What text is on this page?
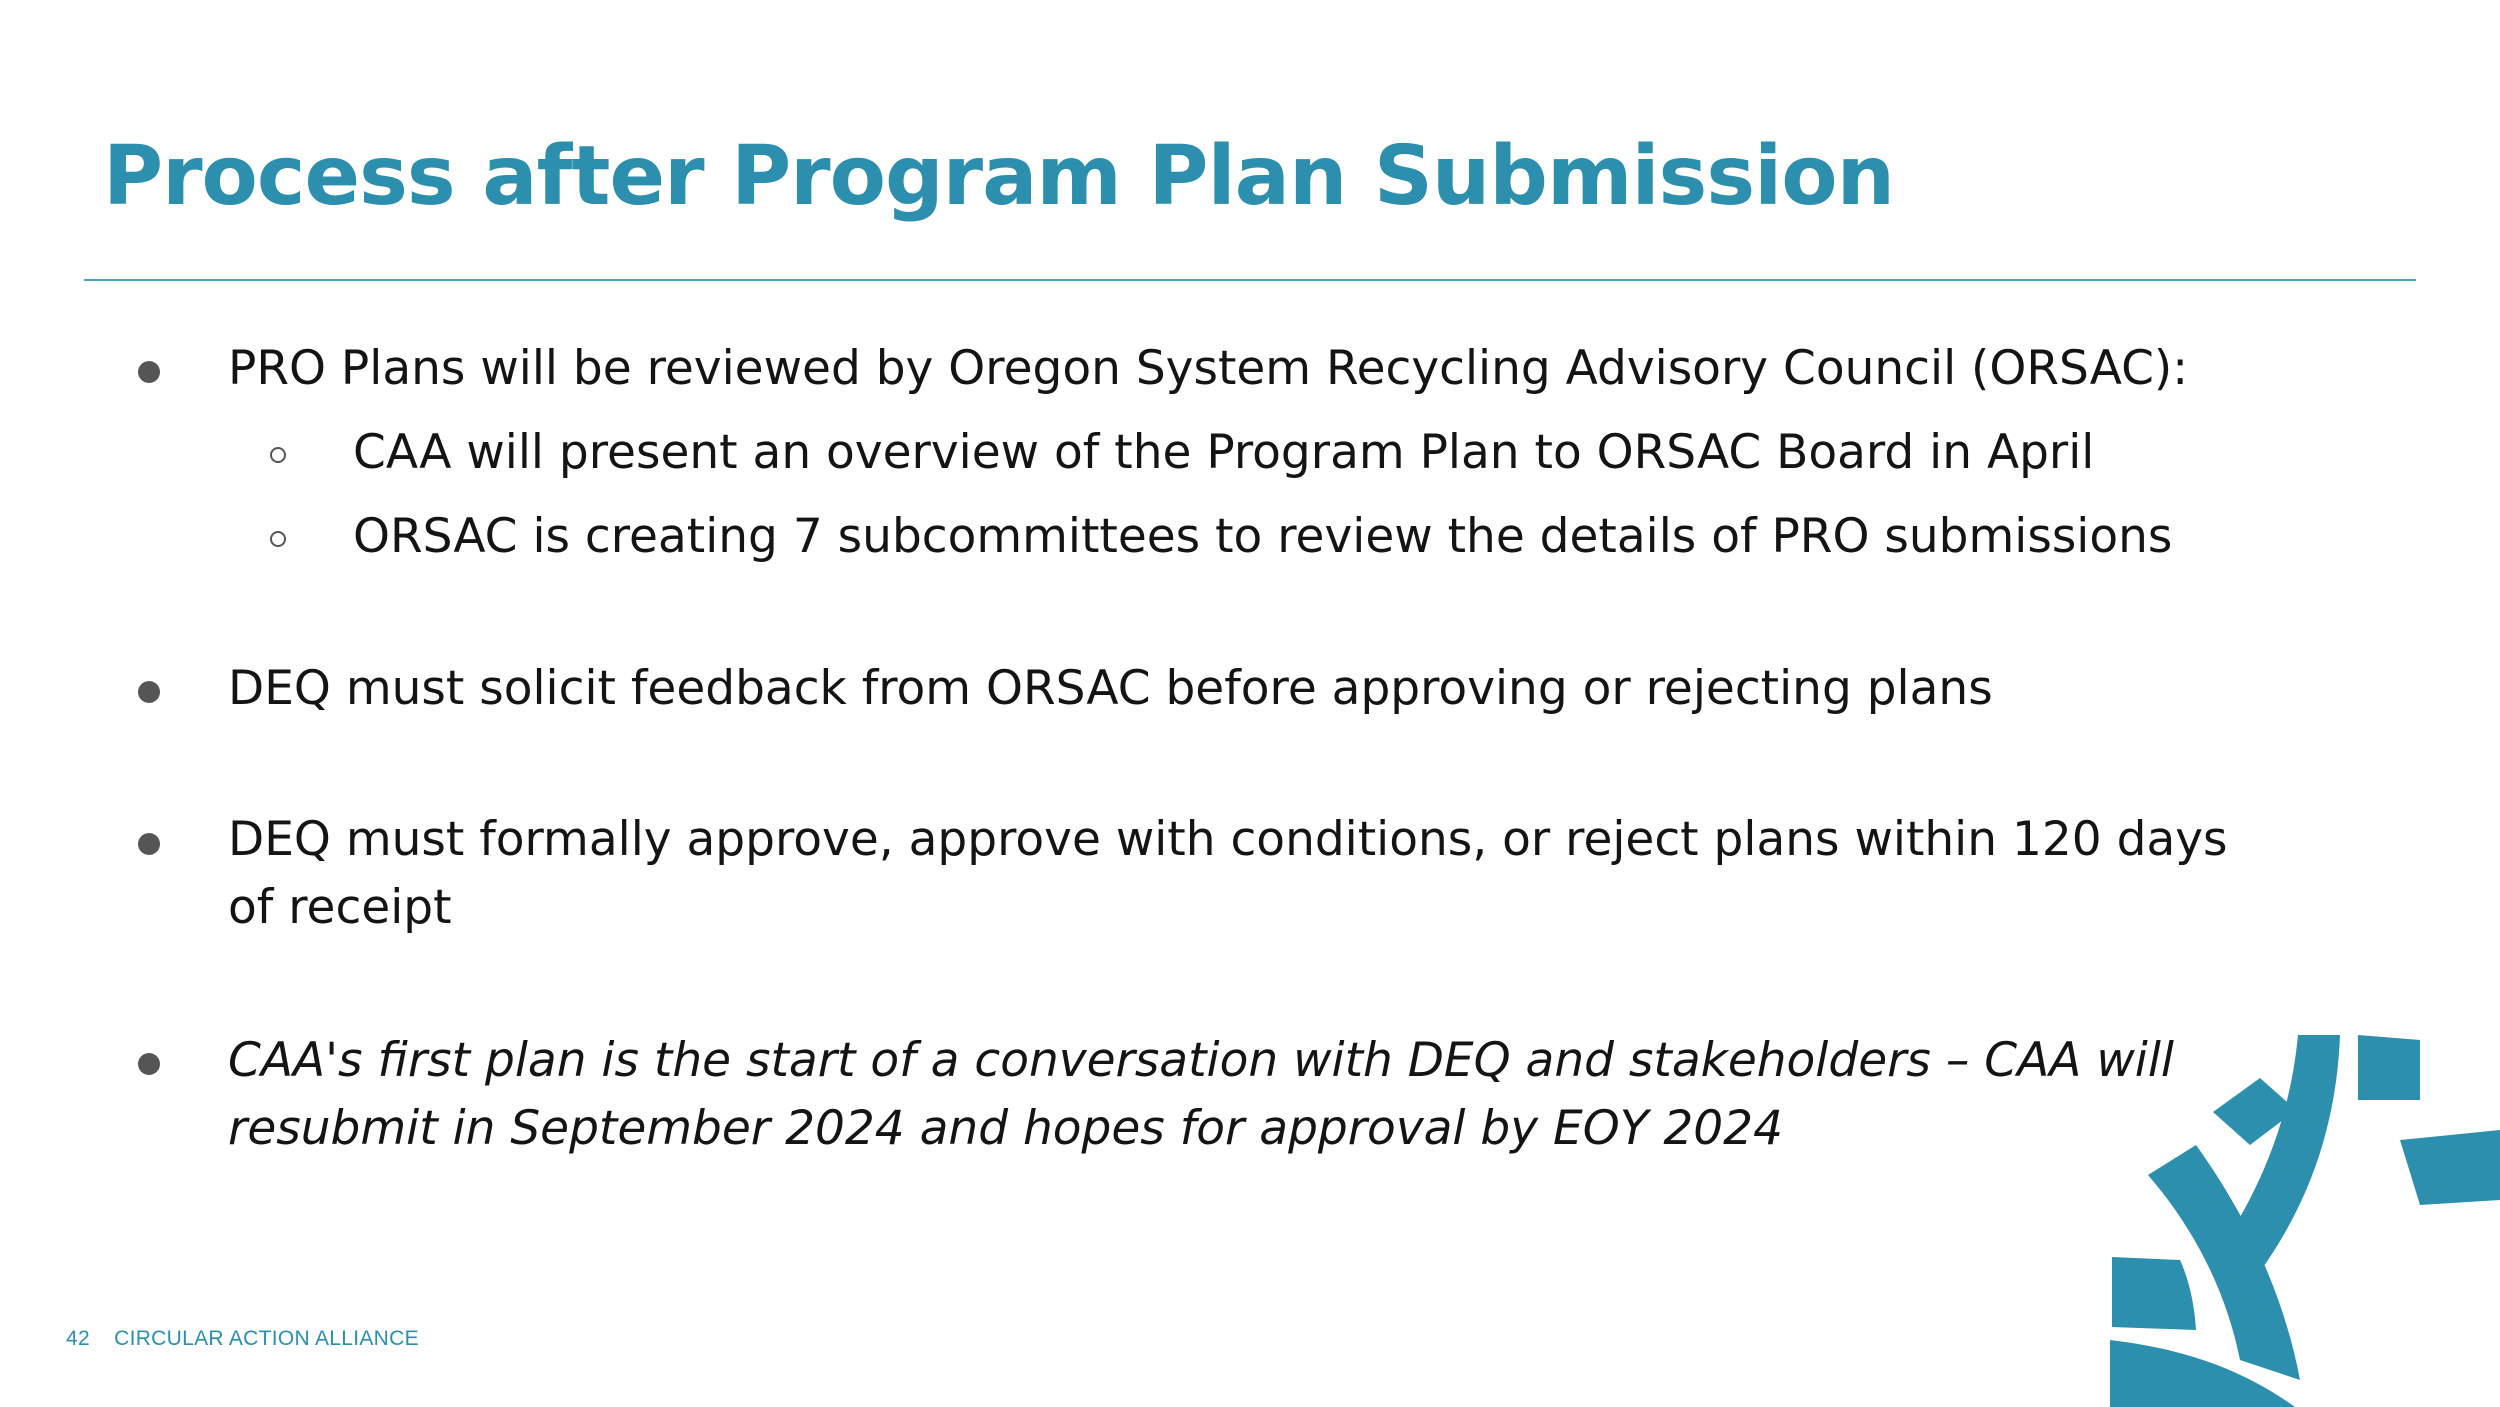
Process after Program Plan Submission
PRO Plans will be reviewed by Oregon System Recycling Advisory Council (ORSAC):
CAA will present an overview of the Program Plan to ORSAC Board in April
ORSAC is creating 7 subcommittees to review the details of PRO submissions
DEQ must solicit feedback from ORSAC before approving or rejecting plans
DEQ must formally approve, approve with conditions, or reject plans within 120 days of receipt
CAA's first plan is the start of a conversation with DEQ and stakeholders – CAA will resubmit in September 2024 and hopes for approval by EOY 2024
42 CIRCULAR ACTION ALLIANCE
